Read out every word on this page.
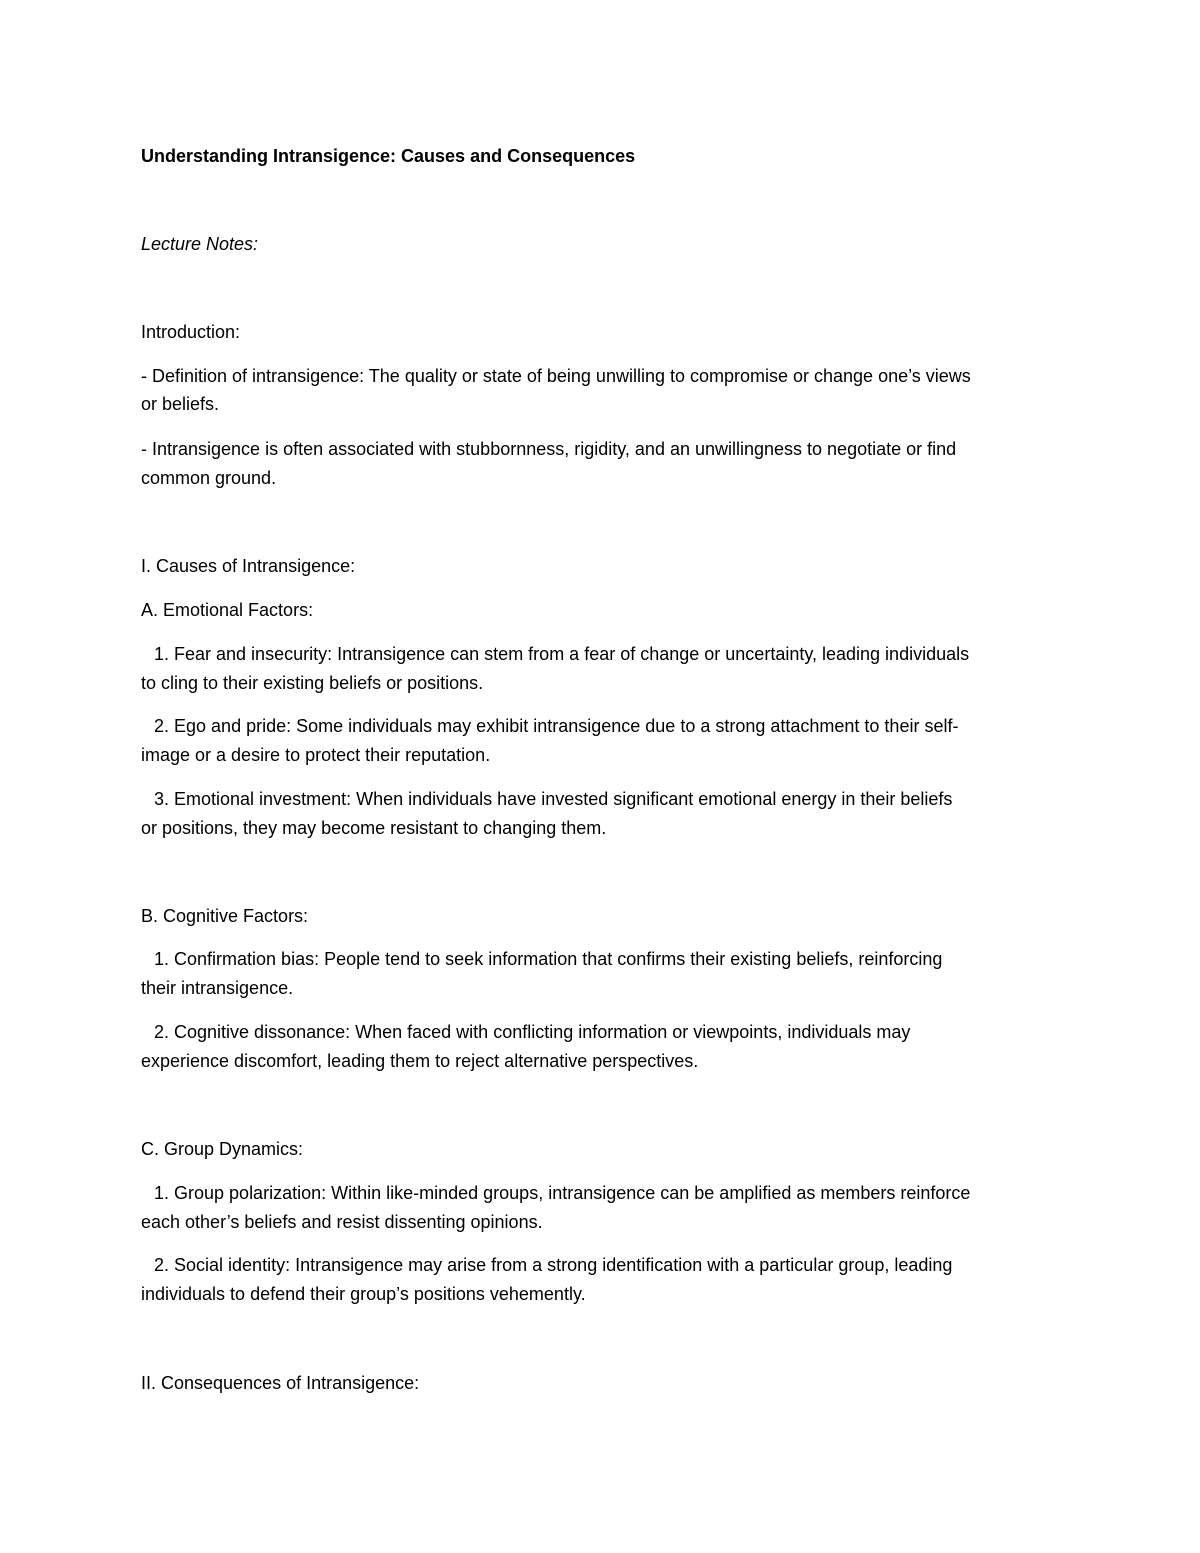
Understanding Intransigence: Causes and Consequences
Lecture Notes:
Introduction:
- Definition of intransigence: The quality or state of being unwilling to compromise or change one’s views
or beliefs.
- Intransigence is often associated with stubbornness, rigidity, and an unwillingness to negotiate or find
common ground.
I. Causes of Intransigence:
A. Emotional Factors:
1. Fear and insecurity: Intransigence can stem from a fear of change or uncertainty, leading individuals
to cling to their existing beliefs or positions.
2. Ego and pride: Some individuals may exhibit intransigence due to a strong attachment to their self-
image or a desire to protect their reputation.
3. Emotional investment: When individuals have invested significant emotional energy in their beliefs
or positions, they may become resistant to changing them.
B. Cognitive Factors:
1. Confirmation bias: People tend to seek information that confirms their existing beliefs, reinforcing
their intransigence.
2. Cognitive dissonance: When faced with conflicting information or viewpoints, individuals may
experience discomfort, leading them to reject alternative perspectives.
C. Group Dynamics:
1. Group polarization: Within like-minded groups, intransigence can be amplified as members reinforce
each other’s beliefs and resist dissenting opinions.
2. Social identity: Intransigence may arise from a strong identification with a particular group, leading
individuals to defend their group’s positions vehemently.
II. Consequences of Intransigence:
